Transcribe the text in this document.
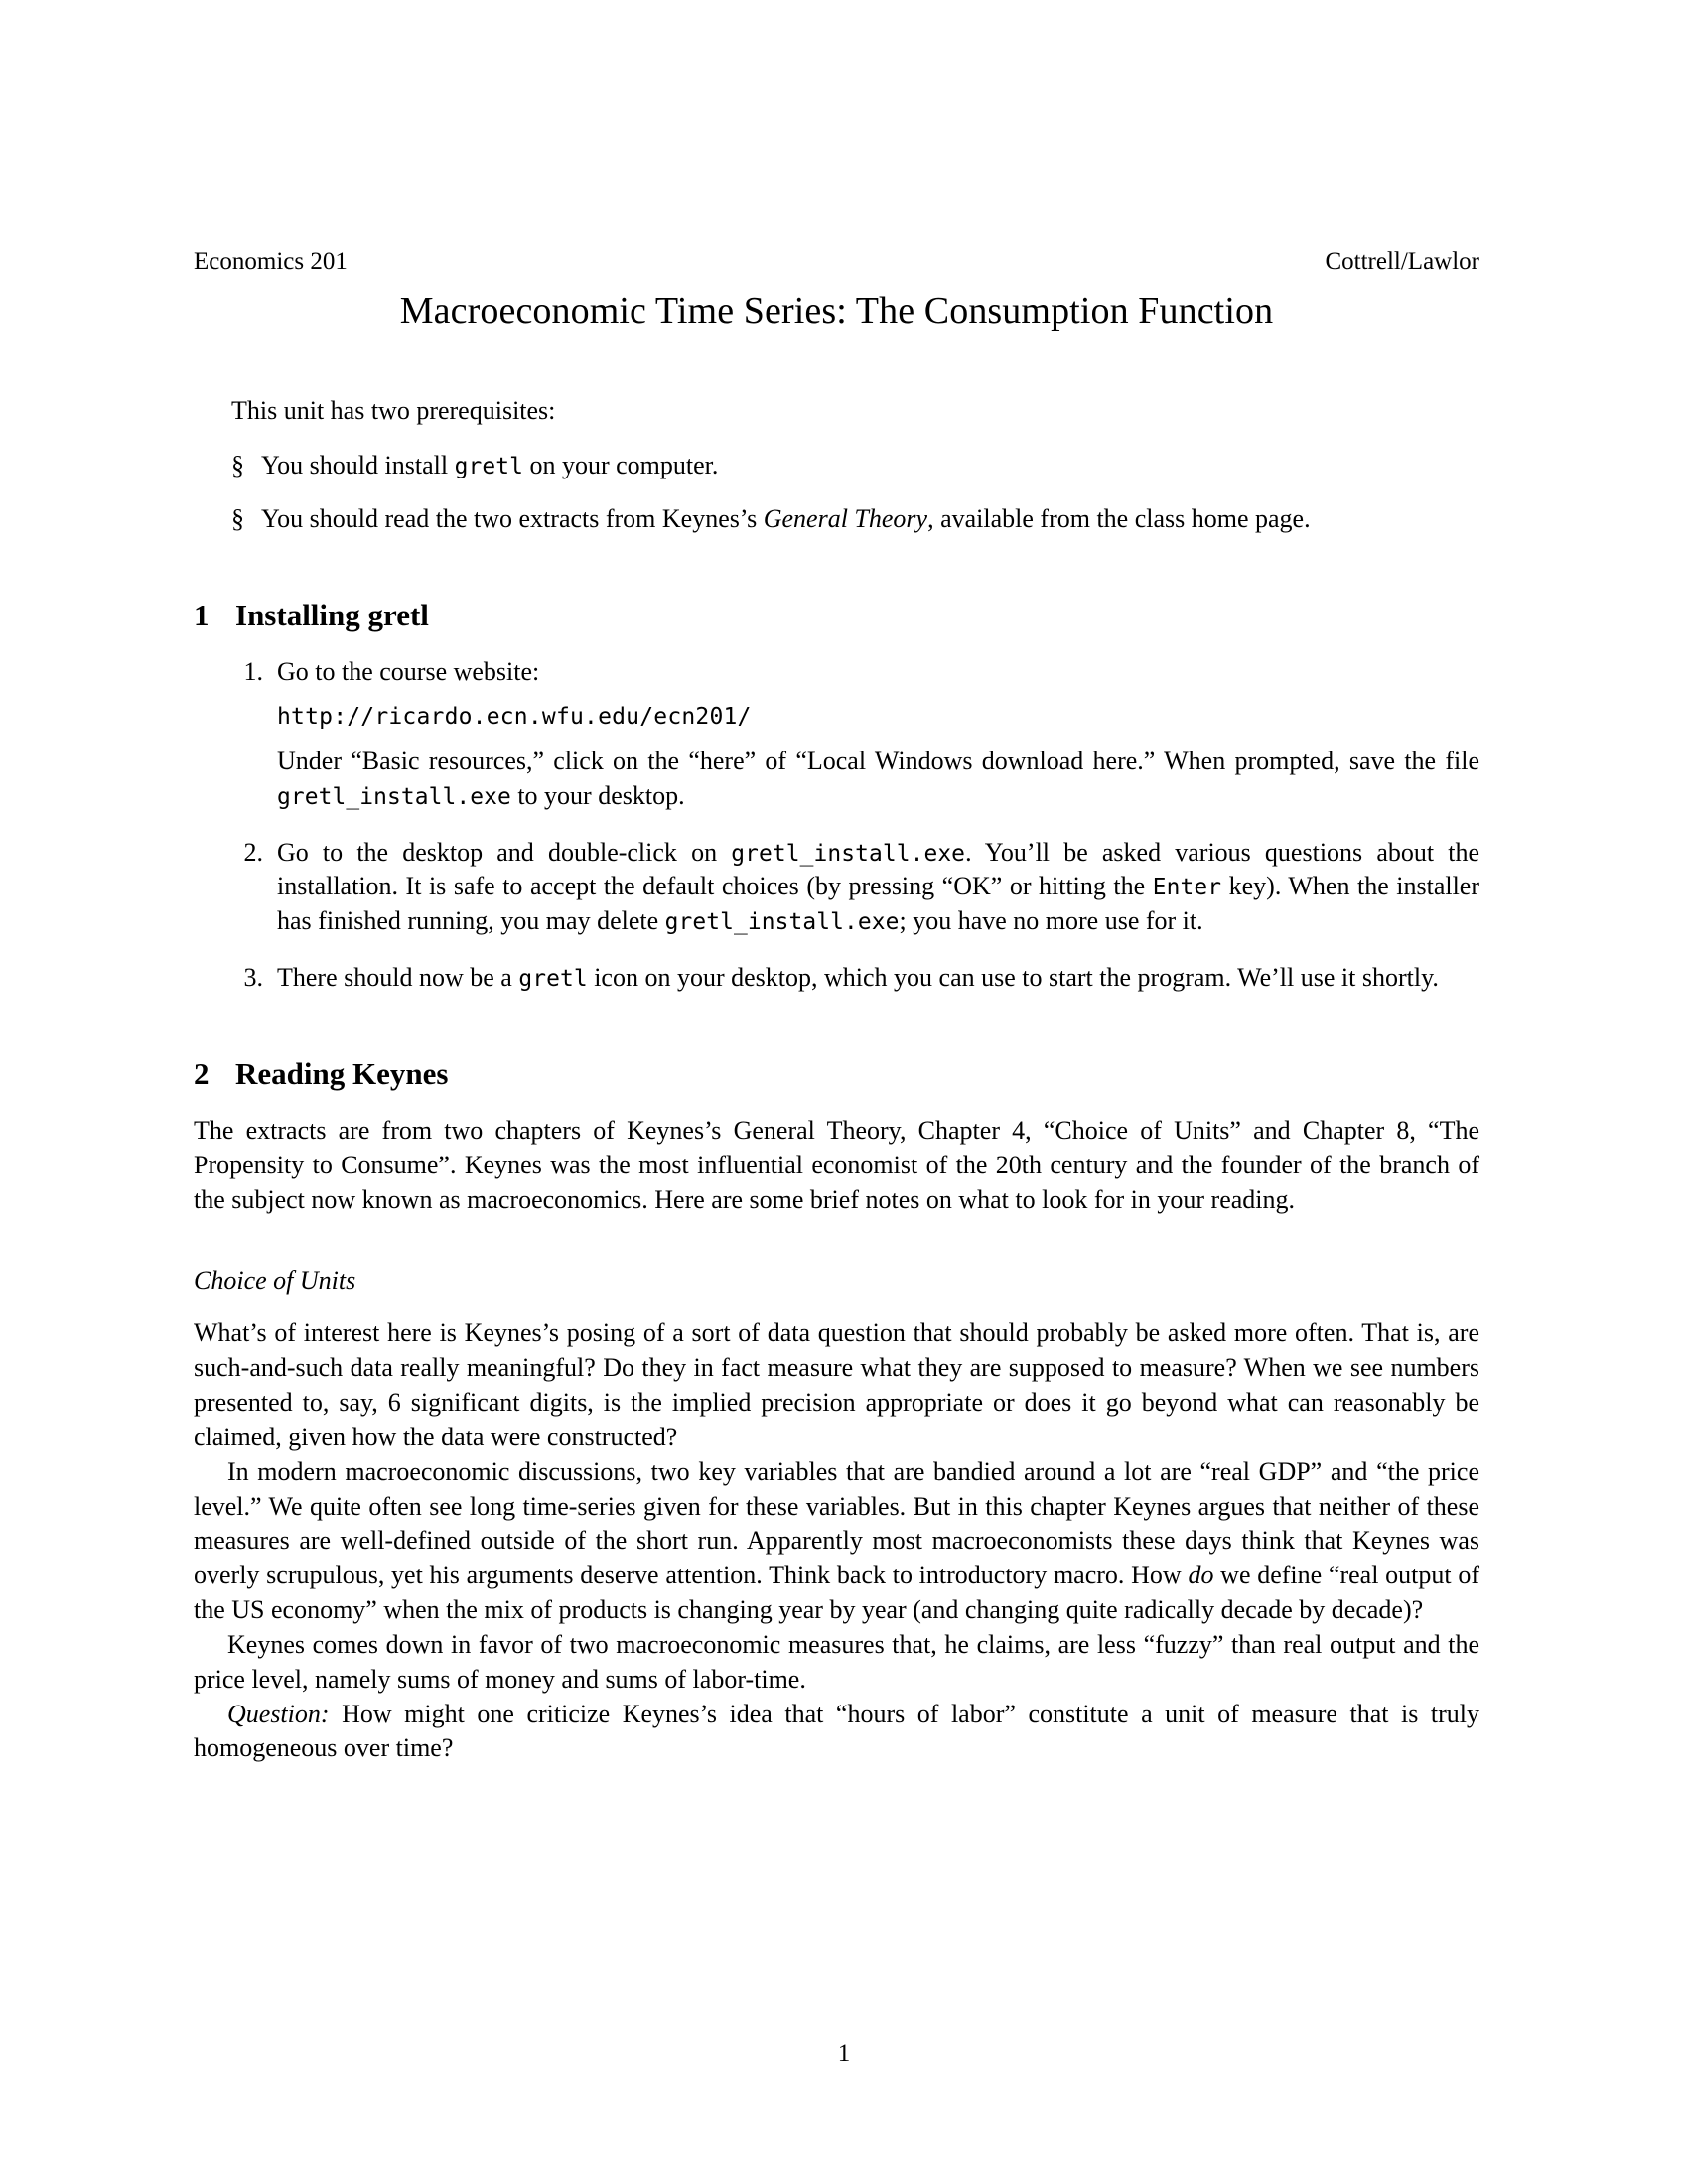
Economics 201	Cottrell/Lawlor
Macroeconomic Time Series: The Consumption Function
This unit has two prerequisites:
§ You should install gretl on your computer.
§ You should read the two extracts from Keynes’s General Theory, available from the class home page.
1 Installing gretl
1. Go to the course website:

http://ricardo.ecn.wfu.edu/ecn201/

Under “Basic resources,” click on the “here” of “Local Windows download here.” When prompted, save the file gretl_install.exe to your desktop.

2. Go to the desktop and double-click on gretl_install.exe. You’ll be asked various questions about the installation. It is safe to accept the default choices (by pressing “OK” or hitting the Enter key). When the installer has finished running, you may delete gretl_install.exe; you have no more use for it.

3. There should now be a gretl icon on your desktop, which you can use to start the program. We’ll use it shortly.

2 Reading Keynes

The extracts are from two chapters of Keynes’s General Theory, Chapter 4, “Choice of Units” and Chapter 8, “The Propensity to Consume”. Keynes was the most influential economist of the 20th century and the founder of the branch of the subject now known as macroeconomics. Here are some brief notes on what to look for in your reading.

Choice of Units

What’s of interest here is Keynes’s posing of a sort of data question that should probably be asked more often. That is, are such-and-such data really meaningful? Do they in fact measure what they are supposed to measure? When we see numbers presented to, say, 6 significant digits, is the implied precision appropriate or does it go beyond what can reasonably be claimed, given how the data were constructed?

In modern macroeconomic discussions, two key variables that are bandied around a lot are “real GDP” and “the price level.” We quite often see long time-series given for these variables. But in this chapter Keynes argues that neither of these measures are well-defined outside of the short run. Apparently most macroeconomists these days think that Keynes was overly scrupulous, yet his arguments deserve attention. Think back to introductory macro. How do we define “real output of the US economy” when the mix of products is changing year by year (and changing quite radically decade by decade)?

Keynes comes down in favor of two macroeconomic measures that, he claims, are less “fuzzy” than real output and the price level, namely sums of money and sums of labor-time.

Question: How might one criticize Keynes’s idea that “hours of labor” constitute a unit of measure that is truly homogeneous over time?

1
